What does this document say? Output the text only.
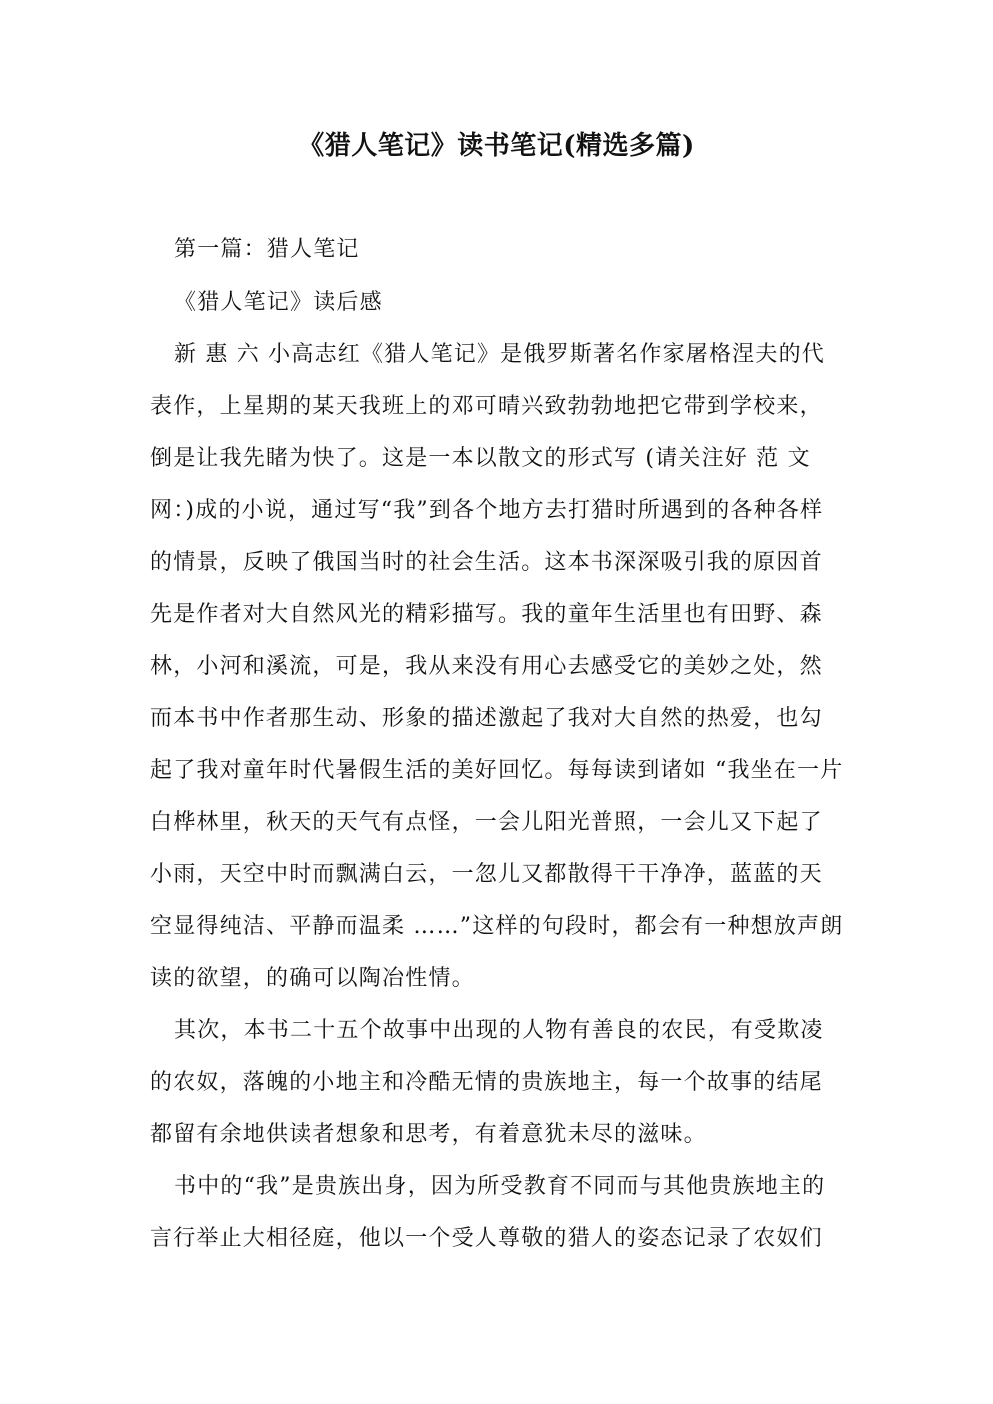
《猎人笔记》读书笔记(精选多篇)
第一篇：猎人笔记
《猎人笔记》读后感
新 惠 六 小高志红《猎人笔记》是俄罗斯著名作家屠格涅夫的代
表作，上星期的某天我班上的邓可晴兴致勃勃地把它带到学校来，
倒是让我先睹为快了。这是一本以散文的形式写 (请关注好 范 文
网：)成的小说，通过写“我”到各个地方去打猎时所遇到的各种各样
的情景，反映了俄国当时的社会生活。这本书深深吸引我的原因首
先是作者对大自然风光的精彩描写。我的童年生活里也有田野、森
林，小河和溪流，可是，我从来没有用心去感受它的美妙之处，然
而本书中作者那生动、形象的描述激起了我对大自然的热爱，也勾
起了我对童年时代暑假生活的美好回忆。每每读到诸如 “我坐在一片
白桦林里，秋天的天气有点怪，一会儿阳光普照，一会儿又下起了
小雨，天空中时而飘满白云，一忽儿又都散得干干净净，蓝蓝的天
空显得纯洁、平静而温柔 ……”这样的句段时，都会有一种想放声朗
读的欲望，的确可以陶冶性情。
其次，本书二十五个故事中出现的人物有善良的农民，有受欺凌
的农奴，落魄的小地主和冷酷无情的贵族地主，每一个故事的结尾
都留有余地供读者想象和思考，有着意犹未尽的滋味。
书中的“我”是贵族出身，因为所受教育不同而与其他贵族地主的
言行举止大相径庭，他以一个受人尊敬的猎人的姿态记录了农奴们
